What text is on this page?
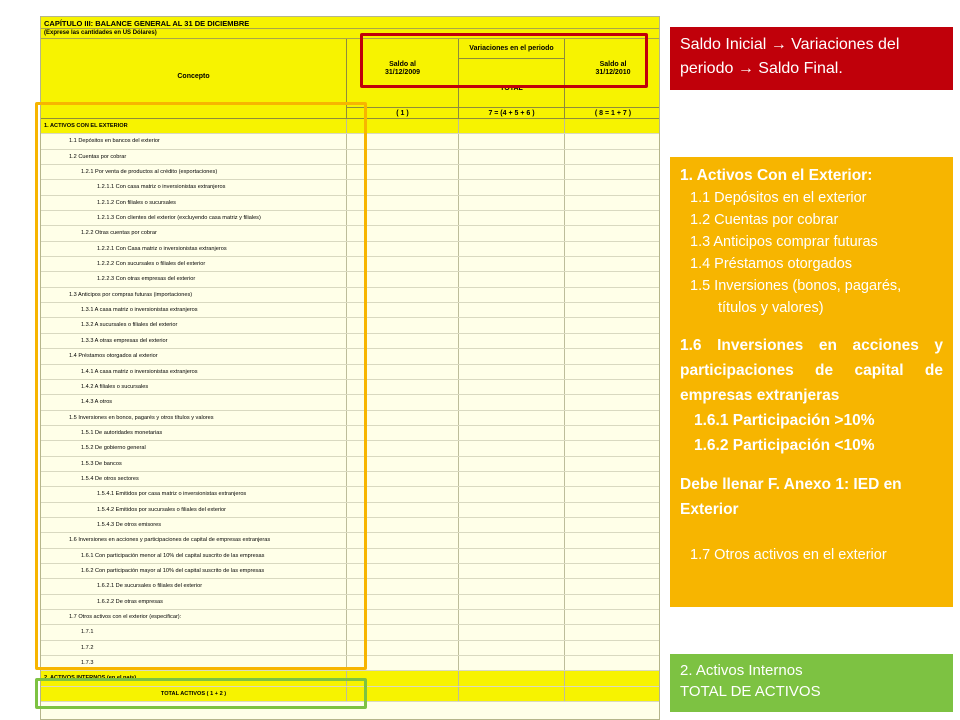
CAPÍTULO III: BALANCE GENERAL AL 31 DE DICIEMBRE
(Exprese las cantidades en US Dólares)
Concepto
Saldo al
31/12/2009
( 1 )
Variaciones en el periodo
TOTAL
7 = (4 + 5 + 6 )
Saldo al
31/12/2010
( 8 = 1 + 7 )
1. ACTIVOS CON EL EXTERIOR
1.1 Depósitos en bancos del exterior
1.2 Cuentas por cobrar
1.2.1 Por venta de productos al crédito (exportaciones)
1.2.1.1 Con casa matriz o inversionistas extranjeros
1.2.1.2 Con filiales o sucursales
1.2.1.3 Con clientes del exterior (excluyendo casa matriz y filiales)
1.2.2 Otras cuentas por cobrar
1.2.2.1 Con Casa matriz o inversionistas extranjeros
1.2.2.2 Con sucursales o filiales del exterior
1.2.2.3 Con otras empresas del exterior
1.3 Anticipos por compras futuras (importaciones)
1.3.1 A casa matriz o inversionistas extranjeros
1.3.2 A sucursales o filiales del exterior
1.3.3 A otras empresas del exterior
1.4 Préstamos otorgados al exterior
1.4.1 A casa matriz o inversionistas extranjeros
1.4.2 A filiales o sucursales
1.4.3 A otros
1.5 Inversiones en bonos, pagarés y otros títulos y valores
1.5.1 De autoridades monetarias
1.5.2 De gobierno general
1.5.3 De bancos
1.5.4 De otros sectores
1.5.4.1 Emitidos por casa matriz o inversionistas extranjeros
1.5.4.2 Emitidos por sucursales o filiales del exterior
1.5.4.3 De otros emisores
1.6 Inversiones en acciones y participaciones de capital de empresas extranjeras
1.6.1 Con participación menor al 10% del capital suscrito de las empresas
1.6.2 Con participación mayor al 10% del capital suscrito de las empresas
1.6.2.1 De sucursales o filiales del exterior
1.6.2.2 De otras empresas
1.7 Otros activos con el exterior (especificar):
1.7.1
1.7.2
1.7.3
2. ACTIVOS INTERNOS (en el país)
TOTAL ACTIVOS ( 1 + 2 )
Saldo Inicial → Variaciones del periodo → Saldo Final.
1. Activos Con el Exterior:
1.1 Depósitos en el exterior
1.2 Cuentas por cobrar
1.3 Anticipos comprar futuras
1.4 Préstamos otorgados
1.5 Inversiones (bonos, pagarés,
títulos y valores)
1.6 Inversiones en acciones y participaciones de capital de empresas extranjeras
1.6.1 Participación >10%
1.6.2 Participación <10%
Debe llenar F. Anexo 1: IED en Exterior
1.7 Otros activos en el exterior
2. Activos Internos
TOTAL DE ACTIVOS
